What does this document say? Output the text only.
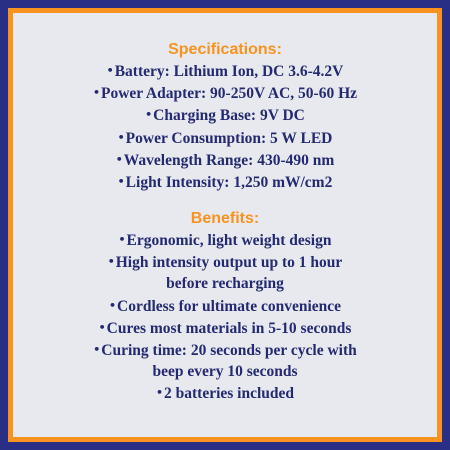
Specifications:
•Battery: Lithium Ion, DC 3.6-4.2V
•Power Adapter: 90-250V AC, 50-60 Hz
•Charging Base: 9V DC
•Power Consumption: 5 W LED
•Wavelength Range: 430-490 nm
•Light Intensity: 1,250 mW/cm2
Benefits:
•Ergonomic, light weight design
•High intensity output up to 1 hour
before recharging
•Cordless for ultimate convenience
•Cures most materials in 5-10 seconds
•Curing time: 20 seconds per cycle with
beep every 10 seconds
•2 batteries included
